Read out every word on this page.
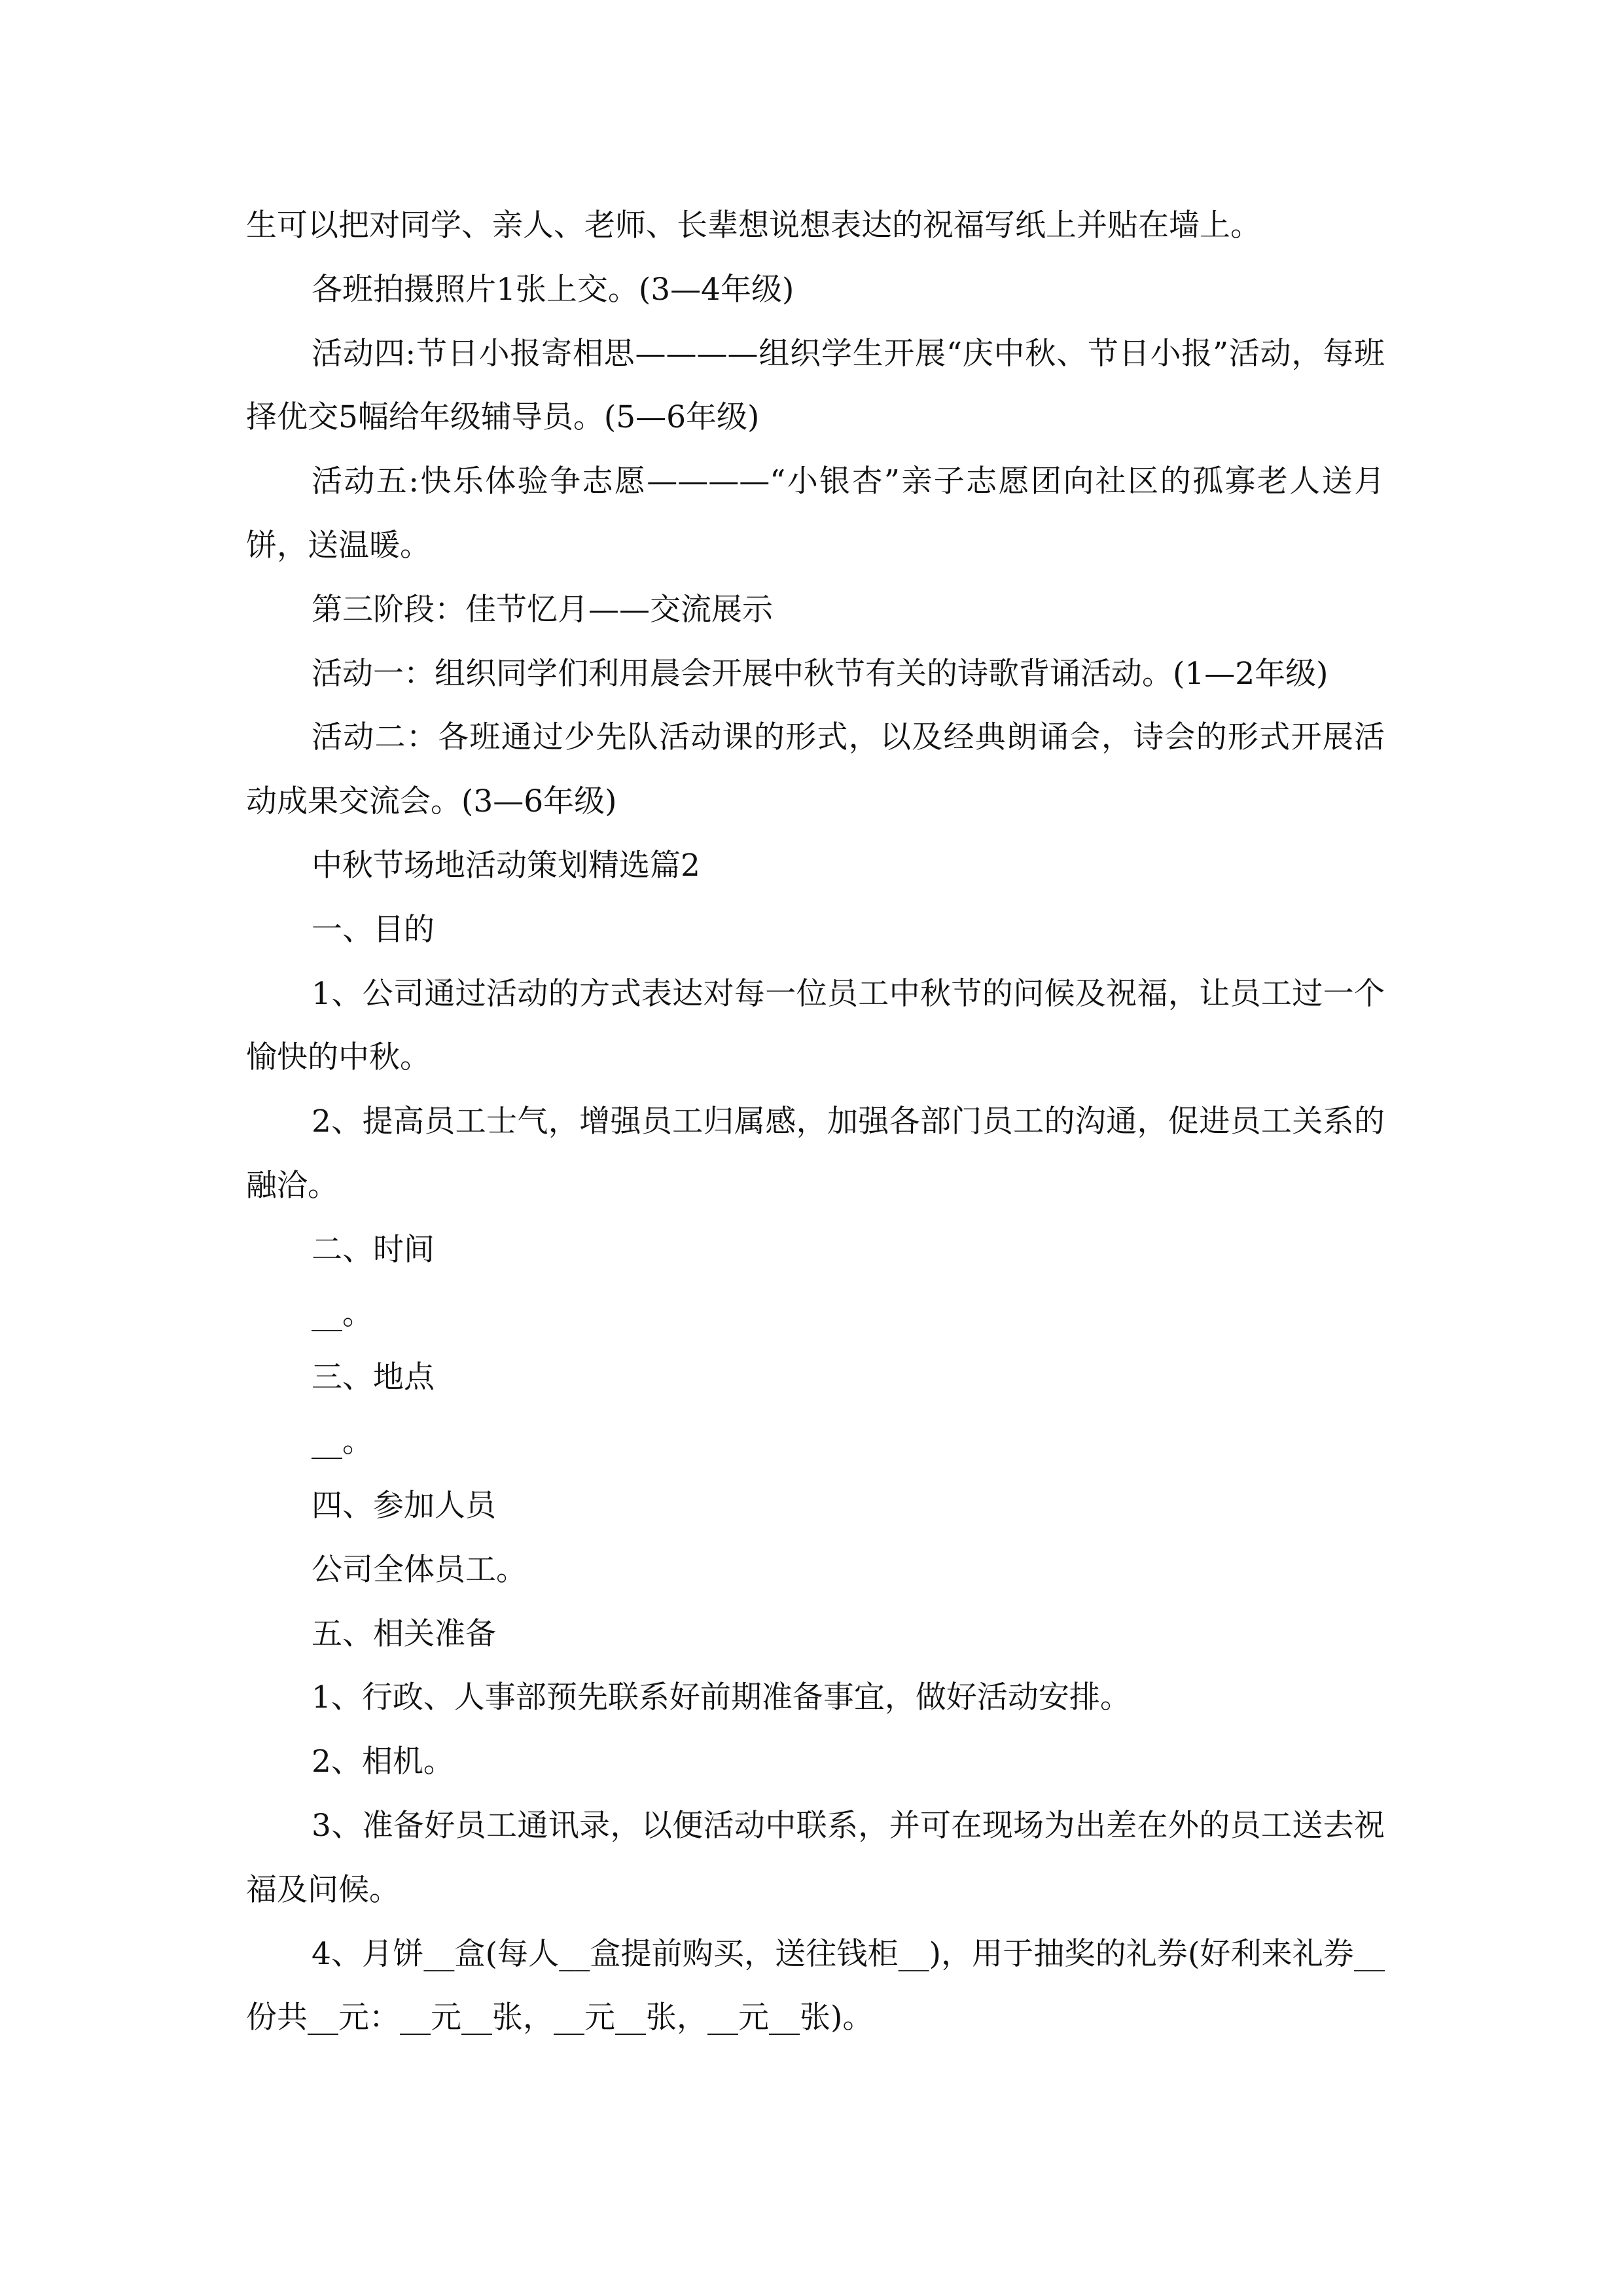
生可以把对同学、亲人、老师、长辈想说想表达的祝福写纸上并贴在墙上。

各班拍摄照片1张上交。(3—4年级)

活动四:节日小报寄相思————组织学生开展“庆中秋、节日小报”活动，每班择优交5幅给年级辅导员。(5—6年级)

活动五:快乐体验争志愿————“小银杏”亲子志愿团向社区的孤寡老人送月饼，送温暖。

第三阶段：佳节忆月——交流展示

活动一：组织同学们利用晨会开展中秋节有关的诗歌背诵活动。(1—2年级)

活动二：各班通过少先队活动课的形式，以及经典朗诵会，诗会的形式开展活动成果交流会。(3—6年级)

中秋节场地活动策划精选篇2

一、目的

1、公司通过活动的方式表达对每一位员工中秋节的问候及祝福，让员工过一个愉快的中秋。

2、提高员工士气，增强员工归属感，加强各部门员工的沟通，促进员工关系的融洽。

二、时间

__。

三、地点

__。

四、参加人员

公司全体员工。

五、相关准备

1、行政、人事部预先联系好前期准备事宜，做好活动安排。

2、相机。

3、准备好员工通讯录，以便活动中联系，并可在现场为出差在外的员工送去祝福及问候。

4、月饼__盒(每人__盒提前购买，送往钱柜__)，用于抽奖的礼券(好利来礼券__份共__元：__元__张，__元__张，__元__张)。
